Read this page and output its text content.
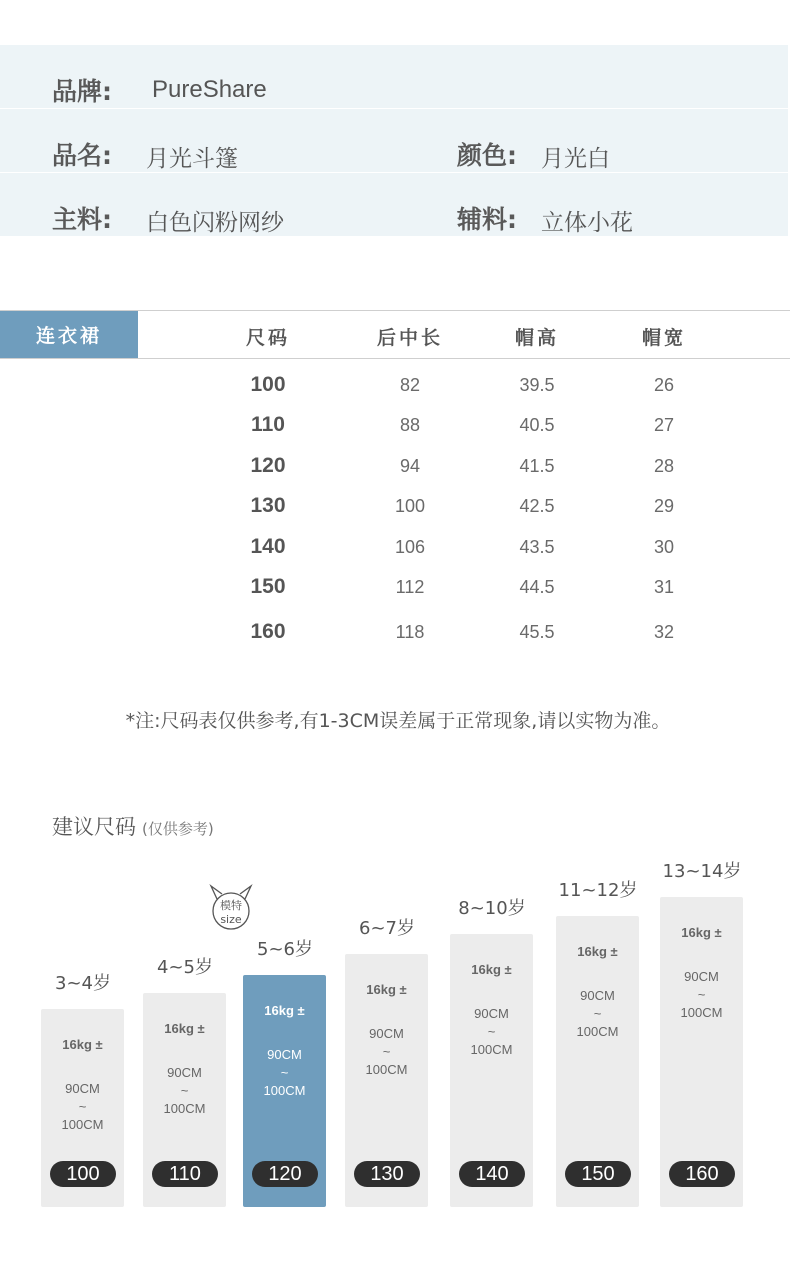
品牌: PureShare
品名: 月光斗篷	颜色: 月光白
主料: 白色闪粉网纱	辅料: 立体小花
连衣裙	尺码	后中长	帽高	帽宽
100	82	39.5	26
110	88	40.5	27
120	94	41.5	28
130	100	42.5	29
140	106	43.5	30
150	112	44.5	31
160	118	45.5	32
*注:尺码表仅供参考,有1-3CM误差属于正常现象,请以实物为准。
建议尺码 (仅供参考)
模特
size
3~4岁
16kg ±
90CM
~
100CM
100
4~5岁
16kg ±
90CM
~
100CM
110
5~6岁
16kg ±
90CM
~
100CM
120
6~7岁
16kg ±
90CM
~
100CM
130
8~10岁
16kg ±
90CM
~
100CM
140
11~12岁
16kg ±
90CM
~
100CM
150
13~14岁
16kg ±
90CM
~
100CM
160
